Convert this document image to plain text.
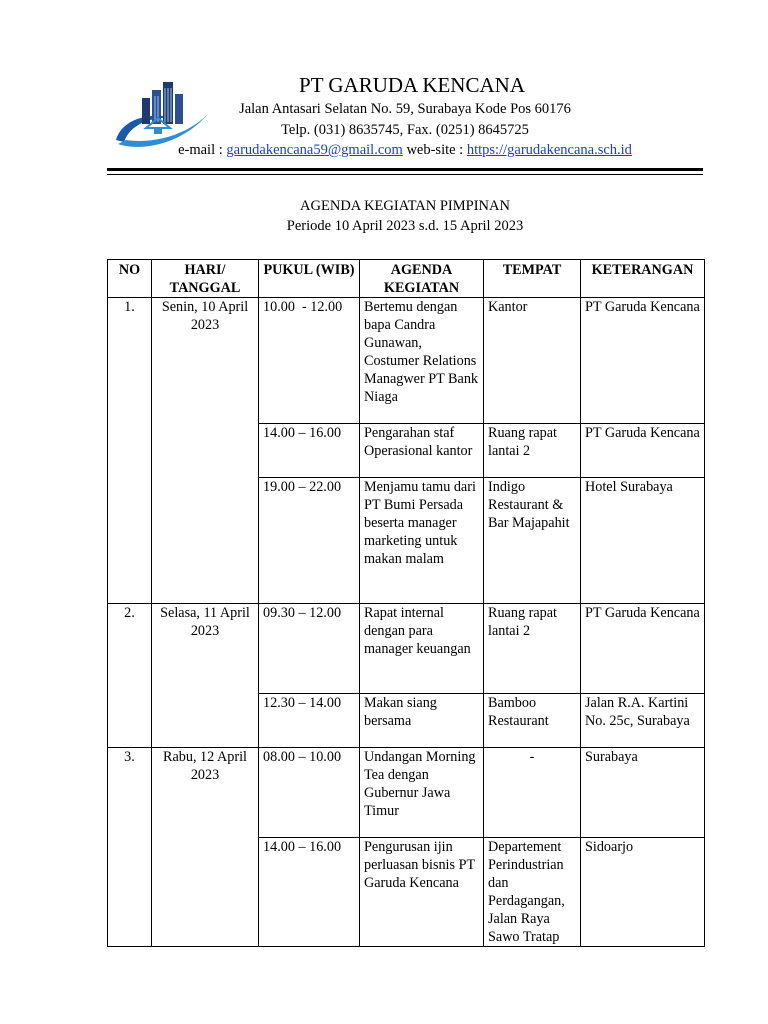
PT GARUDA KENCANA
Jalan Antasari Selatan No. 59, Surabaya Kode Pos 60176
Telp. (031) 8635745, Fax. (0251) 8645725
e-mail : garudakencana59@gmail.com web-site : https://garudakencana.sch.id
AGENDA KEGIATAN PIMPINAN
Periode 10 April 2023 s.d. 15 April 2023
NO	HARI/ TANGGAL	PUKUL (WIB)	AGENDA KEGIATAN	TEMPAT	KETERANGAN
1.	Senin, 10 April 2023	10.00  - 12.00	Bertemu dengan bapa Candra Gunawan, Costumer Relations Managwer PT Bank Niaga	Kantor	PT Garuda Kencana
		14.00 – 16.00	Pengarahan staf Operasional kantor	Ruang rapat lantai 2	PT Garuda Kencana
		19.00 – 22.00	Menjamu tamu dari PT Bumi Persada beserta manager marketing untuk makan malam	Indigo Restaurant & Bar Majapahit	Hotel Surabaya
2.	Selasa, 11 April 2023	09.30 – 12.00	Rapat internal dengan para manager keuangan	Ruang rapat lantai 2	PT Garuda Kencana
		12.30 – 14.00	Makan siang bersama	Bamboo Restaurant	Jalan R.A. Kartini No. 25c, Surabaya
3.	Rabu, 12 April 2023	08.00 – 10.00	Undangan Morning Tea dengan Gubernur Jawa Timur	-	Surabaya
		14.00 – 16.00	Pengurusan ijin perluasan bisnis PT Garuda Kencana	Departement Perindustrian dan Perdagangan, Jalan Raya Sawo Tratap	Sidoarjo
